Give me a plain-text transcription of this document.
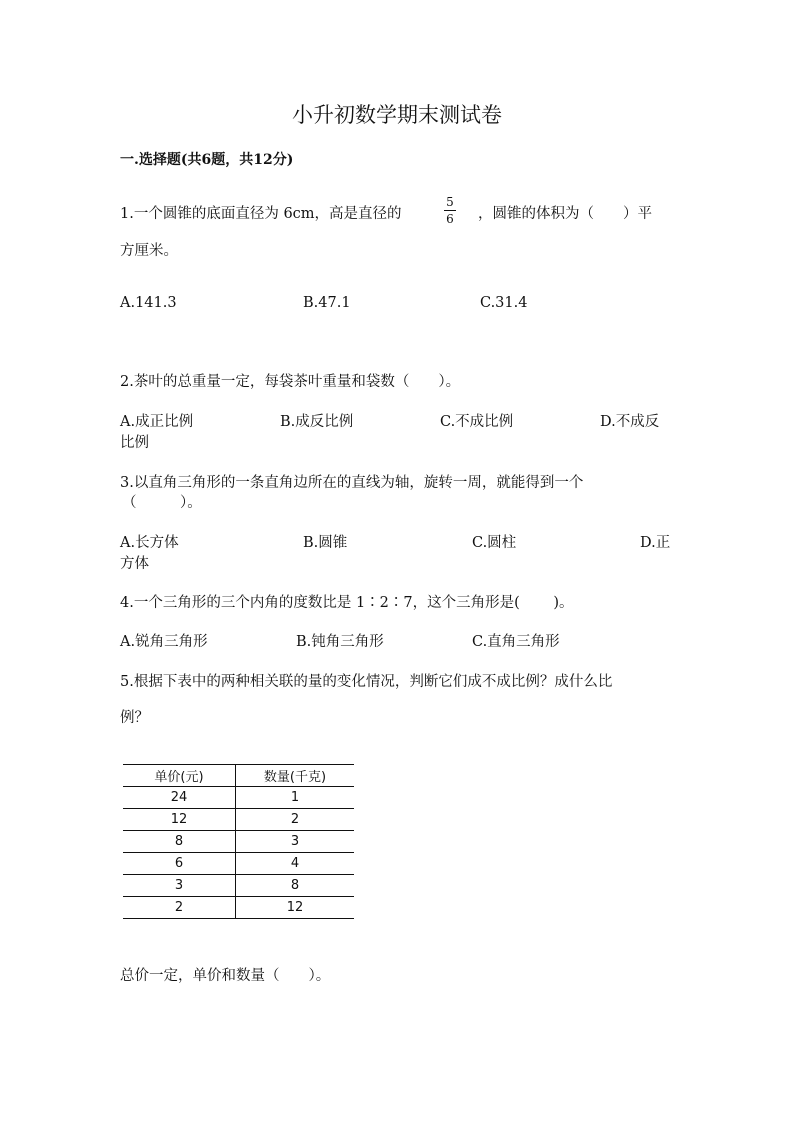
小升初数学期末测试卷
一.选择题(共6题，共12分)
1.一个圆锥的底面直径为 6cm，高是直径的
5
6 ，圆锥的体积为（　　）平
方厘米。
A.141.3	B.47.1	C.31.4
2.茶叶的总重量一定，每袋茶叶重量和袋数（　　）。
A.成正比例	B.成反比例	C.不成比例	D.不成反
比例
3.以直角三角形的一条直角边所在的直线为轴，旋转一周，就能得到一个
（　　　）。
A.长方体	B.圆锥	C.圆柱	D.正
方体
4.一个三角形的三个内角的度数比是 1∶2∶7，这个三角形是(　　 )。
A.锐角三角形	B.钝角三角形	C.直角三角形
5.根据下表中的两种相关联的量的变化情况，判断它们成不成比例？成什么比
例？
单价(元)	数量(千克)
24	1
12	2
8	3
6	4
3	8
2	12
总价一定，单价和数量（　　）。
